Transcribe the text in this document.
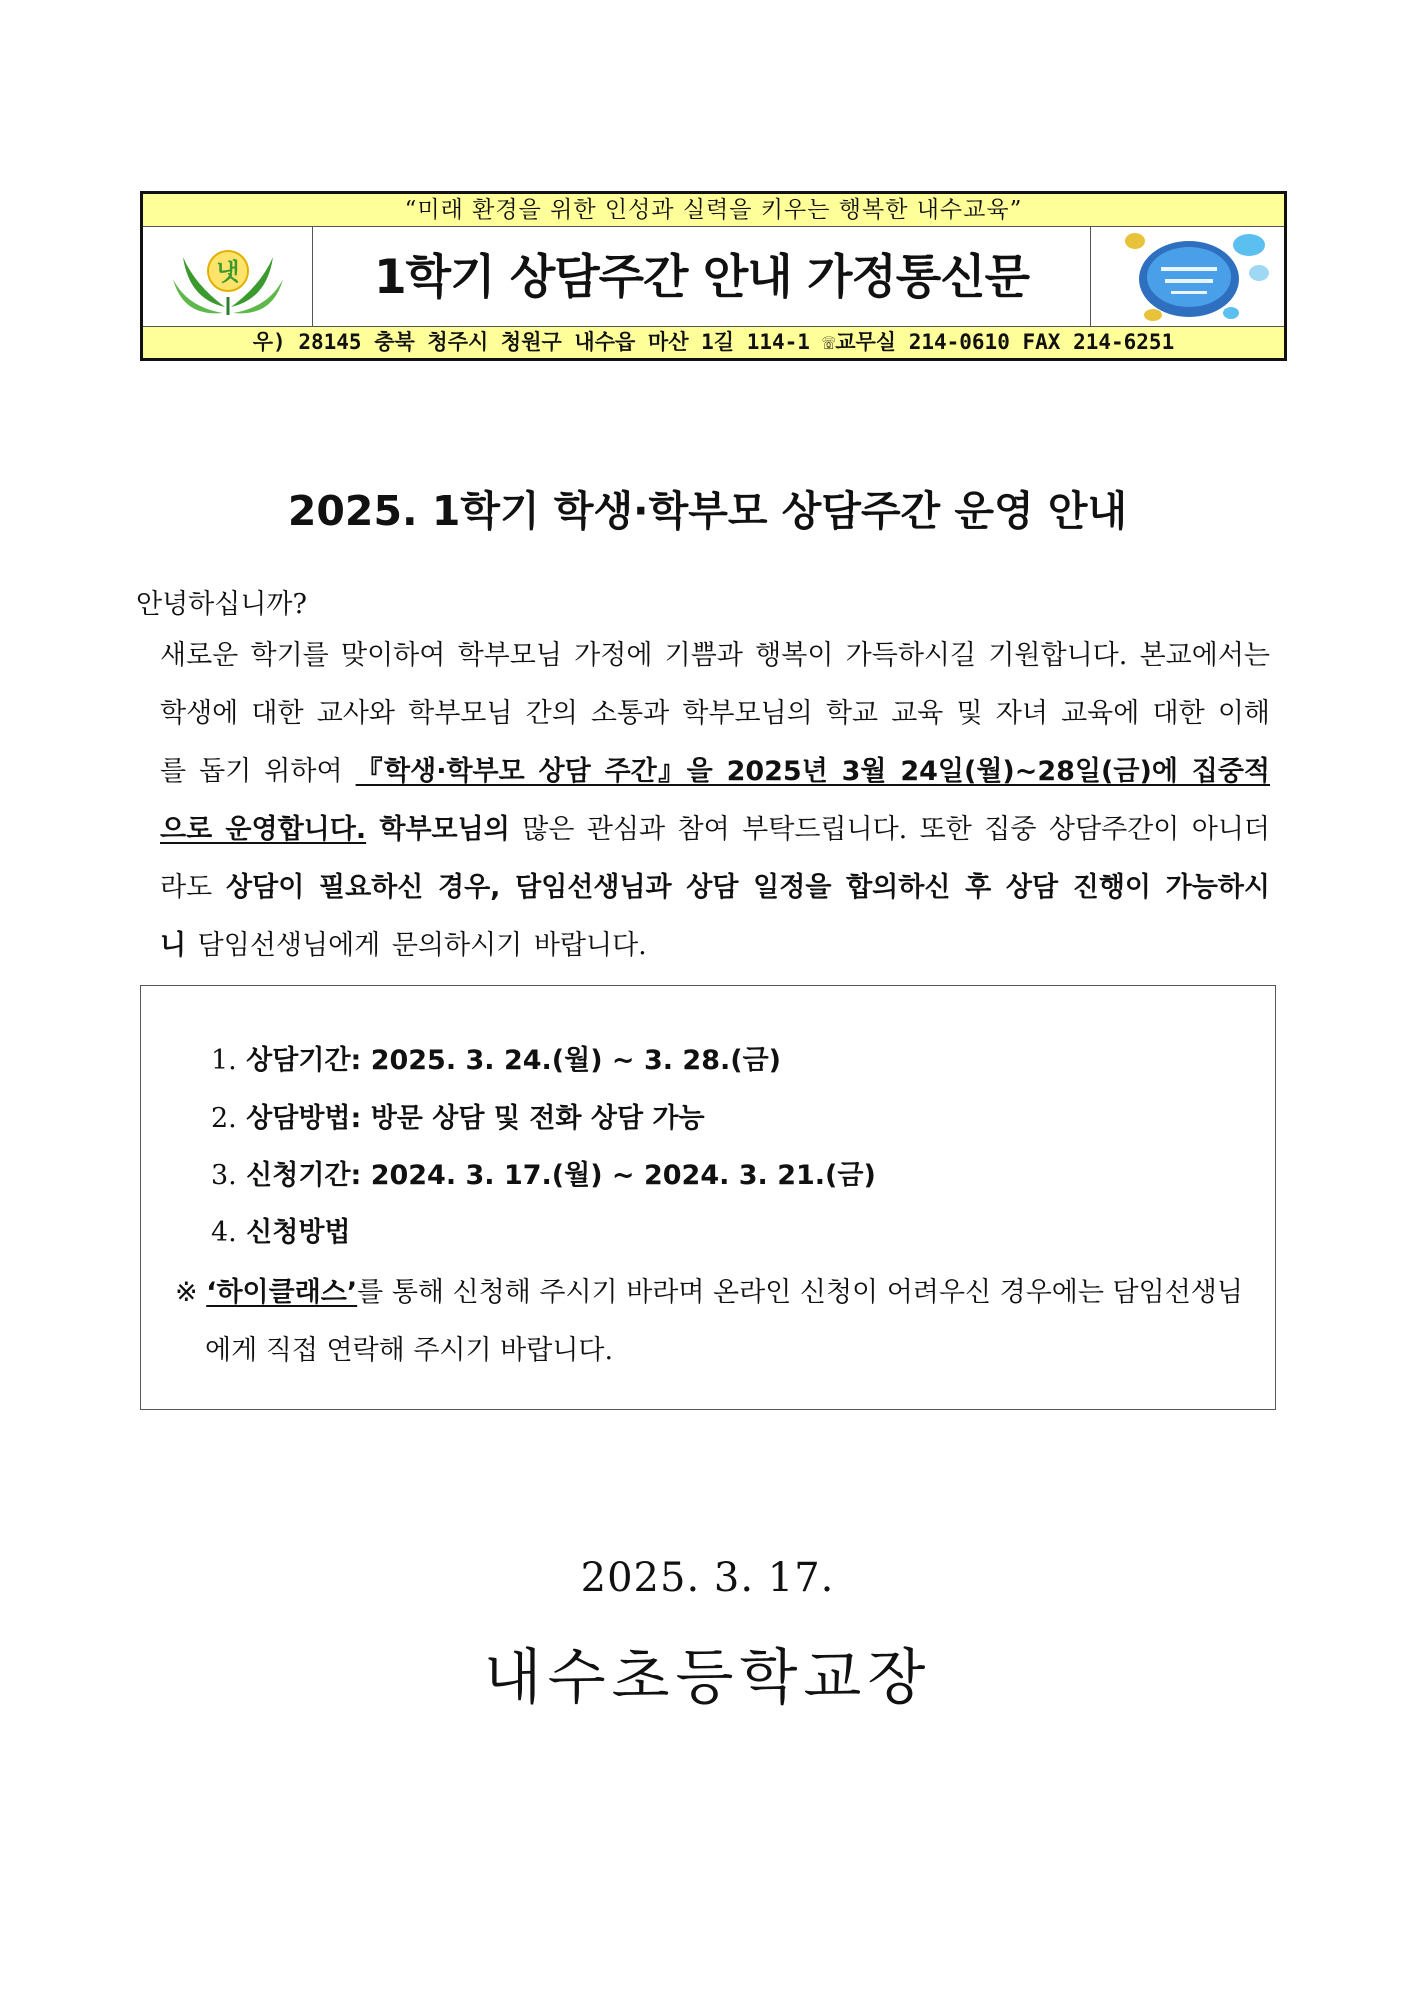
“미래 환경을 위한 인성과 실력을 키우는 행복한 내수교육”
냇	1학기 상담주간 안내 가정통신문
우) 28145 충북 청주시 청원구 내수읍 마산 1길 114-1 ☏교무실 214-0610 FAX 214-6251
2025. 1학기 학생·학부모 상담주간 운영 안내
안녕하십니까?
새로운 학기를 맞이하여 학부모님 가정에 기쁨과 행복이 가득하시길 기원합니다. 본교에서는 학생에 대한 교사와 학부모님 간의 소통과 학부모님의 학교 교육 및 자녀 교육에 대한 이해를 돕기 위하여 『학생·학부모 상담 주간』을 2025년 3월 24일(월)~28일(금)에 집중적으로 운영합니다. 학부모님의 많은 관심과 참여 부탁드립니다. 또한 집중 상담주간이 아니더라도 상담이 필요하신 경우, 담임선생님과 상담 일정을 합의하신 후 상담 진행이 가능하시니 담임선생님에게 문의하시기 바랍니다.
1. 상담기간: 2025. 3. 24.(월) ~ 3. 28.(금)
2. 상담방법: 방문 상담 및 전화 상담 가능
3. 신청기간: 2024. 3. 17.(월) ~ 2024. 3. 21.(금)
4. 신청방법
※ ‘하이클래스’를 통해 신청해 주시기 바라며 온라인 신청이 어려우신 경우에는 담임선생님
에게 직접 연락해 주시기 바랍니다.
2025. 3. 17.
내수초등학교장
